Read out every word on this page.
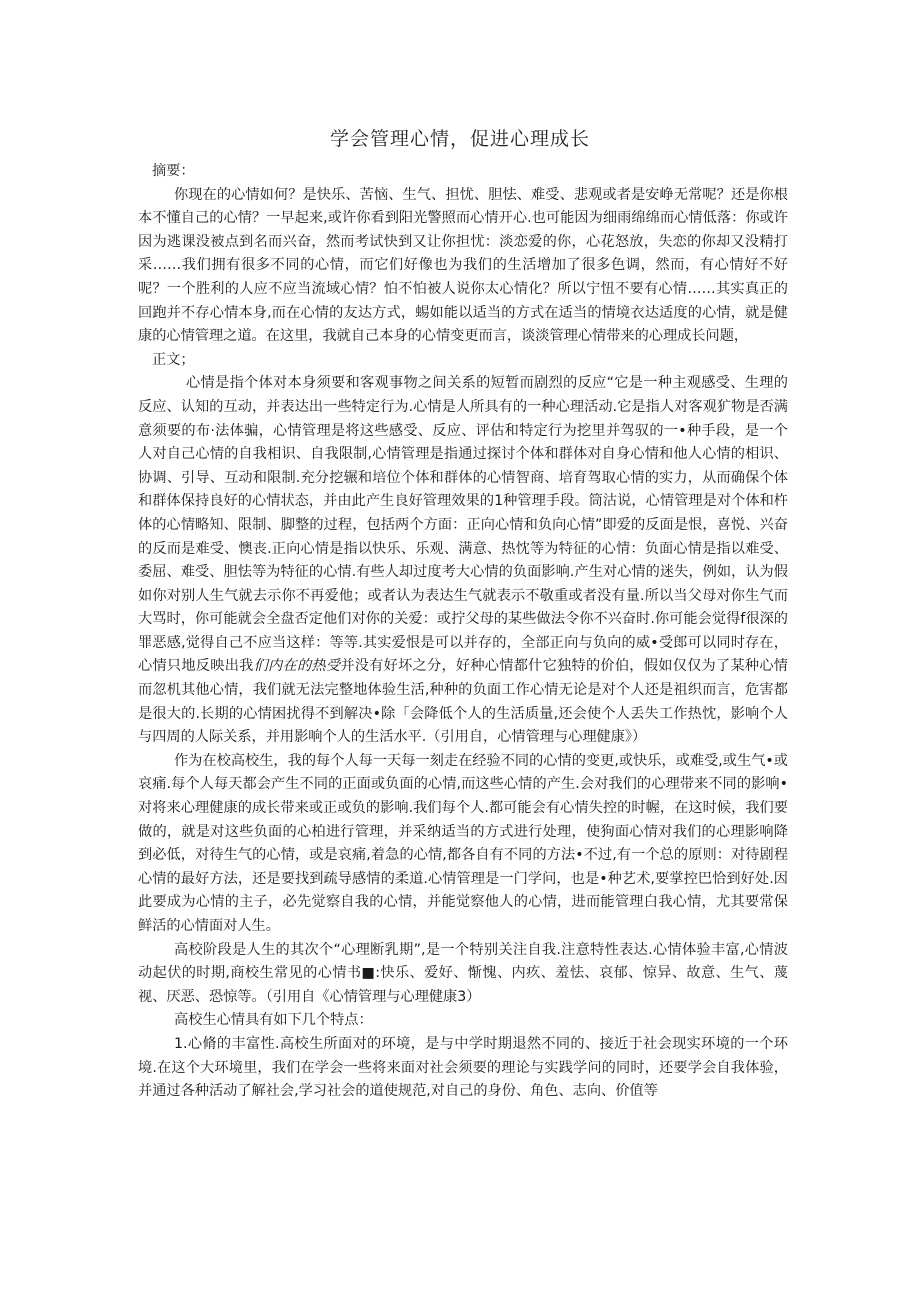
学会管理心情，促进心理成长

摘要：

你现在的心情如何？是快乐、苦恼、生气、担忧、胆怯、难受、悲观或者是安峥无常呢？还是你根本不懂自己的心情？一早起来,或许你看到阳光警照而心情开心.也可能因为细雨绵绵而心情低落：你或许因为逃课没被点到名而兴奋，然而考试快到又让你担忧：淡恋爱的你，心花怒放，失恋的你却又没精打采……我们拥有很多不同的心情，而它们好像也为我们的生活增加了很多色调，然而，有心情好不好呢？一个胜利的人应不应当流域心情？怕不怕被人说你太心情化？所以宁忸不要有心情……其实真正的回跑并不存心情本身,而在心情的友达方式，蜴如能以适当的方式在适当的情境衣达适度的心情，就是健康的心情管理之道。在这里，我就自己本身的心情变更而言，谈淡管理心情带来的心理成长问题，

正文；

心情是指个体对本身须要和客观事物之间关系的短暂而剧烈的反应“它是一种主观感受、生理的反应、认知的互动，并表达出一些特定行为.心情是人所具有的一种心理活动.它是指人对客观犷物是否满意须要的布·法体骗，心情管理是将这些感受、反应、评估和特定行为挖里并驾驭的一•种手段，是一个人对自己心情的自我相识、自我限制,心情管理是指通过探讨个体和群体对自身心情和他人心情的相识、协调、引导、互动和限制.充分挖辗和培位个体和群体的心情智商、培育驾取心情的实力，从而确保个体和群体保持良好的心情状态，并由此产生良好管理效果的1种管理手段。筒沽说，心情管理是对个体和杵体的心情略知、限制、脚整的过程，包括两个方面：正向心情和负向心情”即爱的反面是恨，喜悦、兴奋的反而是难受、懊丧.正向心情是指以快乐、乐观、满意、热忱等为特征的心情：负面心情是指以难受、委屈、难受、胆怯等为特征的心情.有些人却过度考大心情的负面影响.产生对心情的迷失，例如，认为假如你对别人生气就去示你不再爱他；或者认为表达生气就表示不敬重或者没有量.所以当父母对你生气而大骂时，你可能就会全盘否定他们对你的关爱：或拧父母的某些做法令你不兴奋时.你可能会觉得f很深的罪恶感,觉得自己不应当这样：等等.其实爱恨是可以并存的，全部正向与负向的威•受郎可以同时存在，心情只地反映出我们内在的热受并没有好坏之分，好种心情都什它独特的价伯，假如仅仅为了某种心情而忽机其他心情，我们就无法完整地体验生活,种种的负面工作心情无论是对个人还是祖织而言，危害都是很大的.长期的心情困扰得不到解决•除「会降低个人的生活质量,还会使个人丢失工作热忱，影响个人与四周的人际关系，并用影响个人的生活水平.（引用自，心情管理与心理健康》）

作为在校高校生，我的每个人每一天每一刻走在经验不同的心情的变更,或快乐，或难受,或生气•或哀痛.每个人每天都会产生不同的正面或负面的心情,而这些心情的产生.会对我们的心理带来不同的影响•对将来心理健康的成长带来或正或负的影响.我们每个人.都可能会有心情失控的时幄，在这时候，我们要做的，就是对这些负面的心柏进行管理，并采纳适当的方式进行处理，使狗面心情对我们的心理影响降到必低，对待生气的心情，或是哀痛,着急的心情,都各自有不同的方法•不过,有一个总的原则：对待剧程心情的最好方法，还是要找到疏导感情的柔道.心情管理是一门学问，也是•种艺术,要掌控巴恰到好处.因此要成为心情的主子，必先觉察自我的心情，并能觉察他人的心情，进而能管理白我心情，尤其要常保鲜活的心情面对人生。

高校阶段是人生的其次个“心理断乳期”,是一个特别关注自我.注意特性表达.心情体验丰富,心情波动起伏的时期,商校生常见的心情书■:快乐、爱好、惭愧、内疚、羞怯、哀郁、惊异、故意、生气、蔑视、厌恶、恐惊等。（引用自《心情管理与心理健康3）

高校生心情具有如下几个特点：

1.心脩的丰富性.高校生所面对的环境，是与中学时期退然不同的、接近于社会现实环境的一个环境.在这个大环境里，我们在学会一些将来面对社会须要的理论与实践学问的同时，还要学会自我体验，并通过各种活动了解社会,学习社会的道使规范,对自己的身份、角色、志向、价值等
